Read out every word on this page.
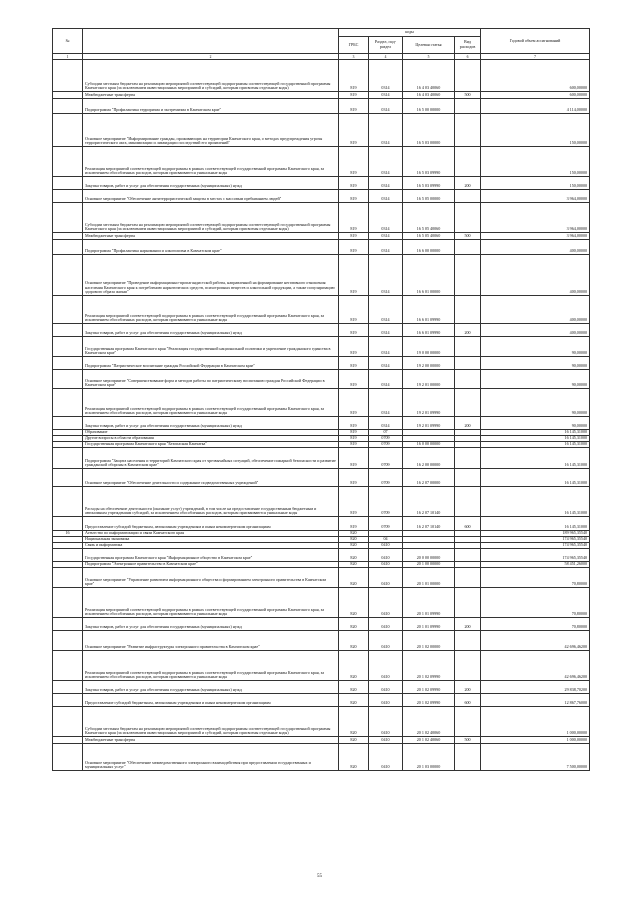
№		коды				Годовой объем ассигнований
		ГРБС	Раздел, под-раздел	Целевая статья	Вид расходов	
1	2	3	4	5	6	7
	Субсидии местным бюджетам на реализацию мероприятий соответствующей подпрограммы соответствующей государственной программы Камчатского края (за исключением инвестиционных мероприятий и субсидий, которым присвоены отдельные коды)	819	0314	16 4 03 40060		600,00000
	Межбюджетные трансферты	819	0314	16 4 03 40060	500	600,00000
	Подпрограмма "Профилактика терроризма и экстремизма в Камчатском крае"	819	0314	16 5 00 00000		4 114,00000
	Основное мероприятие "Информирование граждан, проживающих на территории Камчатского края, о методах предупреждения угрозы террористического акта, минимизации и ликвидации последствий его проявлений"	819	0314	16 5 03 00000		150,00000
	Реализация мероприятий соответствующей подпрограммы в рамках соответствующей государственной программы Камчатского края, за исключением обособленных расходов, которым присваиваются уникальные коды	819	0314	16 5 03 09990		150,00000
	Закупка товаров, работ и услуг для обеспечения государственных (муниципальных) нужд	819	0314	16 5 03 09990	200	150,00000
	Основное мероприятие "Обеспечение антитеррористической защиты в местах с массовым пребыванием людей"	819	0314	16 5 05 00000		3 964,00000
	Субсидии местным бюджетам на реализацию мероприятий соответствующей подпрограммы соответствующей государственной программы Камчатского края (за исключением инвестиционных мероприятий и субсидий, которым присвоены отдельные коды)	819	0314	16 5 05 40060		3 964,00000
	Межбюджетные трансферты	819	0314	16 5 05 40060	500	3 964,00000
	Подпрограмма "Профилактика наркомании и алкоголизма в Камчатском крае"	819	0314	16 6 00 00000		400,00000
	Основное мероприятие "Проведение информационно-пропагандистской работы, направленной на формирование негативного отношения населения Камчатского края к потреблению наркотических средств, психотропных веществ и алкогольной продукции, а также популяризацию здорового образа жизни"	819	0314	16 6 01 00000		400,00000
	Реализация мероприятий соответствующей подпрограммы в рамках соответствующей государственной программы Камчатского края, за исключением обособленных расходов, которым присваиваются уникальные коды	819	0314	16 6 01 09990		400,00000
	Закупка товаров, работ и услуг для обеспечения государственных (муниципальных) нужд	819	0314	16 6 01 09990	200	400,00000
	Государственная программа Камчатского края "Реализация государственной национальной политики и укрепление гражданского единства в Камчатском крае"	819	0314	19 0 00 00000		90,00000
	Подпрограмма "Патриотическое воспитание граждан Российской Федерации в Камчатском крае"	819	0314	19 2 00 00000		90,00000
	Основное мероприятие "Совершенствование форм и методов работы по патриотическому воспитанию граждан Российской Федерации в Камчатском крае"	819	0314	19 2 01 00000		90,00000
	Реализация мероприятий соответствующей подпрограммы в рамках соответствующей государственной программы Камчатского края, за исключением обособленных расходов, которым присваиваются уникальные коды	819	0314	19 2 01 09990		90,00000
	Закупка товаров, работ и услуг для обеспечения государственных (муниципальных) нужд	819	0314	19 2 01 09990	200	90,00000
	Образование	819	07			16 145,31000
	Другие вопросы в области образования	819	0709			16 145,31000
	Государственная программа Камчатского края "Безопасная Камчатка"	819	0709	16 0 00 00000		16 145,31000
	Подпрограмма "Защита населения и территорий Камчатского края от чрезвычайных ситуаций, обеспечение пожарной безопасности и развитие гражданской обороны в Камчатском крае"	819	0709	16 2 00 00000		16 145,31000
	Основное мероприятие "Обеспечение деятельности и содержание подведомственных учреждений"	819	0709	16 2 07 00000		16 145,31000
	Расходы на обеспечение деятельности (оказание услуг) учреждений, в том числе на предоставление государственным бюджетным и автономным учреждениям субсидий, за исключением обособленных расходов, которым присваиваются уникальные коды	819	0709	16 2 07 10140		16 145,31000
	Предоставление субсидий бюджетным, автономным учреждениям и иным некоммерческим организациям	819	0709	16 2 07 10140	600	16 145,31000
16	Агентство по информатизации и связи Камчатского края	820				189 965,35540
	Национальная экономика	820	04			174 965,35540
	Связь и информатика	820	0410			174 965,35540
	Государственная программа Камчатского края "Информационное общество в Камчатском крае"	820	0410	20 0 00 00000		174 965,35540
	Подпрограмма "Электронное правительство в Камчатском крае"	820	0410	20 1 00 00000		58 451,26000
	Основное мероприятие "Управление развитием информационного общества и формированием электронного правительства в Камчатском крае"	820	0410	20 1 01 00000		70,80000
	Реализация мероприятий соответствующей подпрограммы в рамках соответствующей государственной программы Камчатского края, за исключением обособленных расходов, которым присваиваются уникальные коды	820	0410	20 1 01 09990		70,80000
	Закупка товаров, работ и услуг для обеспечения государственных (муниципальных) нужд	820	0410	20 1 01 09990	200	70,80000
	Основное мероприятие "Развитие инфраструктуры электронного правительства в Камчатском крае"	820	0410	20 1 02 00000		42 696,46200
	Реализация мероприятий соответствующей подпрограммы в рамках соответствующей государственной программы Камчатского края, за исключением обособленных расходов, которым присваиваются уникальные коды	820	0410	20 1 02 09990		42 696,46200
	Закупка товаров, работ и услуг для обеспечения государственных (муниципальных) нужд	820	0410	20 1 02 09990	200	29 838,70200
	Предоставление субсидий бюджетным, автономным учреждениям и иным некоммерческим организациям	820	0410	20 1 02 09990	600	12 867,76000
	Субсидии местным бюджетам на реализацию мероприятий соответствующей подпрограммы соответствующей государственной программы Камчатского края (за исключением инвестиционных мероприятий и субсидий, которым присвоены отдельные коды)	820	0410	20 1 02 40060		1 000,00000
	Межбюджетные трансферты	820	0410	20 1 02 40060	500	1 000,00000
	Основное мероприятие "Обеспечение межведомственного электронного взаимодействия при предоставлении государственных и муниципальных услуг"	820	0410	20 1 03 00000		7 500,00000
55
